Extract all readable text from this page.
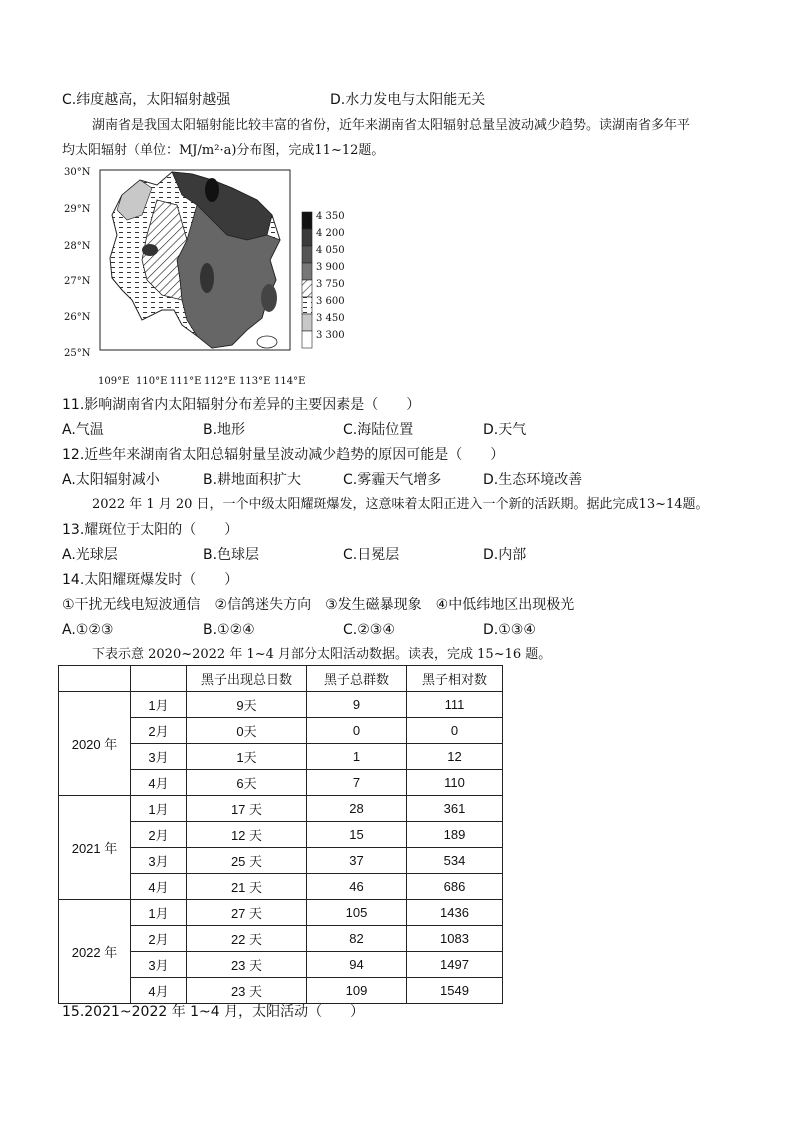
C.纬度越高，太阳辐射越强	D.水力发电与太阳能无关
湖南省是我国太阳辐射能比较丰富的省份，近年来湖南省太阳辐射总量呈波动减少趋势。读湖南省多年平
均太阳辐射（单位：MJ/m²·a)分布图，完成11~12题。
30°N
29°N
28°N
27°N
26°N
25°N
109°E 110°E 111°E 112°E 113°E 114°E
4 350
4 200
4 050
3 900
3 750
3 600
3 450
3 300
11.影响湖南省内太阳辐射分布差异的主要因素是（　　）
A.气温	B.地形	C.海陆位置	D.天气
12.近些年来湖南省太阳总辐射量呈波动减少趋势的原因可能是（　　）
A.太阳辐射减小	B.耕地面积扩大	C.雾霾天气增多	D.生态环境改善
2022 年 1 月 20 日，一个中级太阳耀斑爆发，这意味着太阳正进入一个新的活跃期。据此完成13~14题。
13.耀斑位于太阳的（　　）
A.光球层	B.色球层	C.日冕层	D.内部
14.太阳耀斑爆发时（　　）
①干扰无线电短波通信　②信鸽迷失方向　③发生磁暴现象　④中低纬地区出现极光
A.①②③	B.①②④	C.②③④	D.①③④
下表示意 2020~2022 年 1~4 月部分太阳活动数据。读表，完成 15~16 题。
		黑子出现总日数	黑子总群数	黑子相对数
2020 年	1月	9天	9	111
	2月	0天	0	0
	3月	1天	1	12
	4月	6天	7	110
2021 年	1月	17 天	28	361
	2月	12 天	15	189
	3月	25 天	37	534
	4月	21 天	46	686
2022 年	1月	27 天	105	1436
	2月	22 天	82	1083
	3月	23 天	94	1497
	4月	23 天	109	1549
15.2021~2022 年 1~4 月，太阳活动（　　）
